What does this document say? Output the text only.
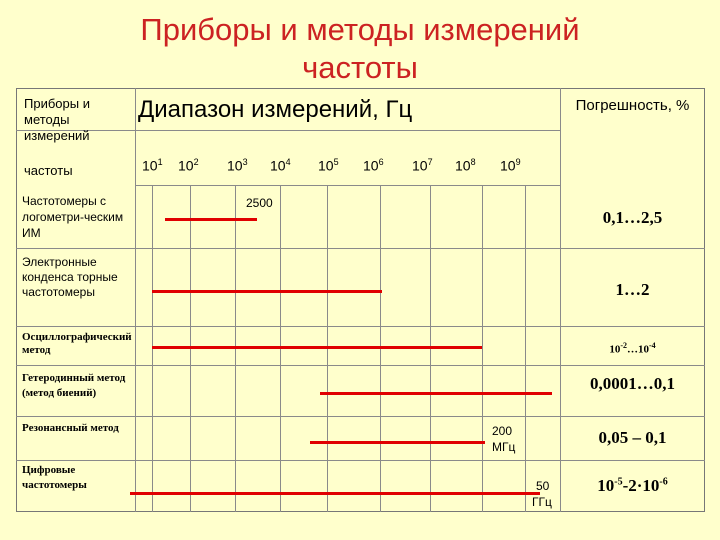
Приборы и методы измерений
частоты

Приборы и методы измерений

частоты

Диапазон измерений, Гц	Погрешность, %

$10^1$ $10^2$ $10^3$ $10^4$ $10^5$ $10^6$ $10^7$ $10^8$ $10^9$

Частотомеры с логометри-ческим ИМ

Электронные конденса торные частотомеры

Осциллографический метод

Гетеродинный метод (метод биений)

Резонансный метод

Цифровые частотомеры

2500
200
МГц
50
ГГц
0,1…2,5
1…2
$10^{-2}\dots 10^{-4}$
0,0001…0,1
0,05 – 0,1
$10^{-5}-2\cdot 10^{-6}$
